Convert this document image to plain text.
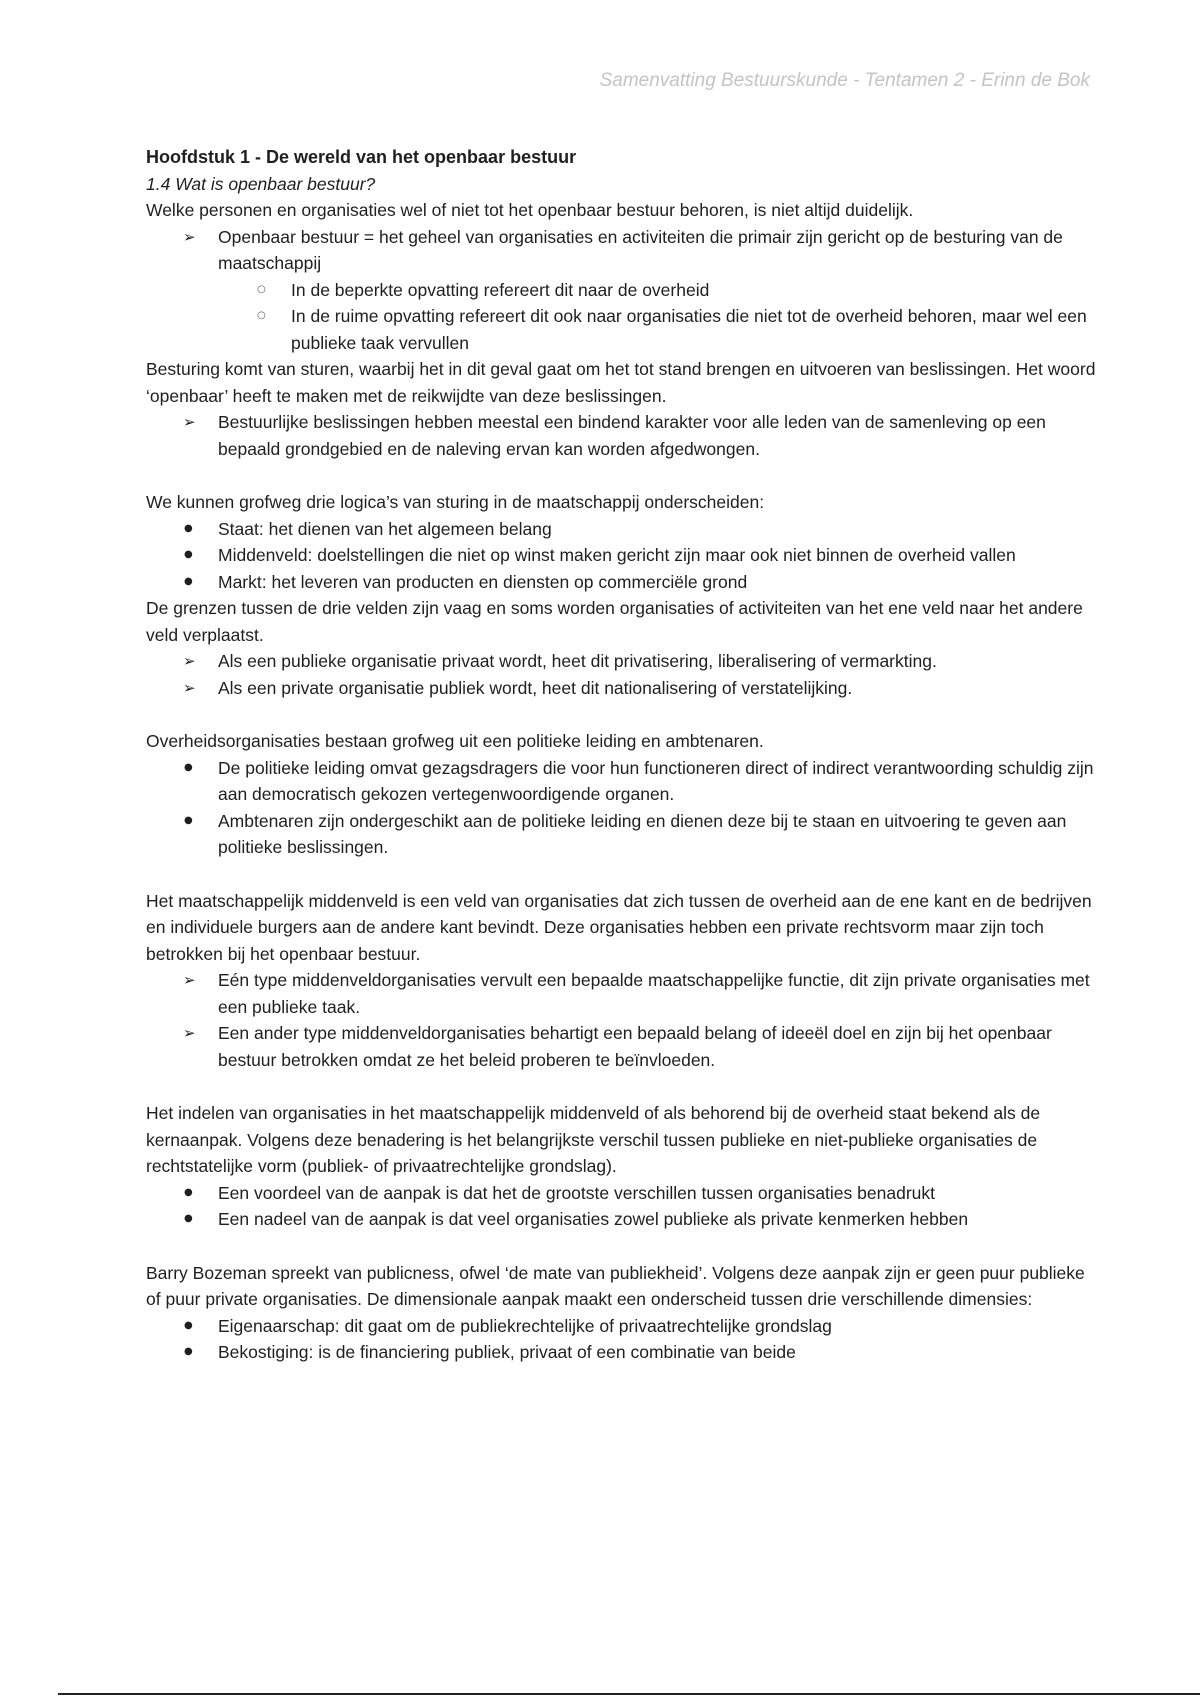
Samenvatting Bestuurskunde - Tentamen 2 - Erinn de Bok

Hoofdstuk 1 - De wereld van het openbaar bestuur

1.4 Wat is openbaar bestuur?

Welke personen en organisaties wel of niet tot het openbaar bestuur behoren, is niet altijd duidelijk.

➢ Openbaar bestuur = het geheel van organisaties en activiteiten die primair zijn gericht op de besturing van de maatschappij
○ In de beperkte opvatting refereert dit naar de overheid
○ In de ruime opvatting refereert dit ook naar organisaties die niet tot de overheid behoren, maar wel een publieke taak vervullen

Besturing komt van sturen, waarbij het in dit geval gaat om het tot stand brengen en uitvoeren van beslissingen. Het woord ‘openbaar’ heeft te maken met de reikwijdte van deze beslissingen.

➢ Bestuurlijke beslissingen hebben meestal een bindend karakter voor alle leden van de samenleving op een bepaald grondgebied en de naleving ervan kan worden afgedwongen.

We kunnen grofweg drie logica’s van sturing in de maatschappij onderscheiden:

● Staat: het dienen van het algemeen belang
● Middenveld: doelstellingen die niet op winst maken gericht zijn maar ook niet binnen de overheid vallen
● Markt: het leveren van producten en diensten op commerciële grond

De grenzen tussen de drie velden zijn vaag en soms worden organisaties of activiteiten van het ene veld naar het andere veld verplaatst.

➢ Als een publieke organisatie privaat wordt, heet dit privatisering, liberalisering of vermarkting.
➢ Als een private organisatie publiek wordt, heet dit nationalisering of verstatelijking.

Overheidsorganisaties bestaan grofweg uit een politieke leiding en ambtenaren.

● De politieke leiding omvat gezagsdragers die voor hun functioneren direct of indirect verantwoording schuldig zijn aan democratisch gekozen vertegenwoordigende organen.
● Ambtenaren zijn ondergeschikt aan de politieke leiding en dienen deze bij te staan en uitvoering te geven aan politieke beslissingen.

Het maatschappelijk middenveld is een veld van organisaties dat zich tussen de overheid aan de ene kant en de bedrijven en individuele burgers aan de andere kant bevindt. Deze organisaties hebben een private rechtsvorm maar zijn toch betrokken bij het openbaar bestuur.

➢ Eén type middenveldorganisaties vervult een bepaalde maatschappelijke functie, dit zijn private organisaties met een publieke taak.
➢ Een ander type middenveldorganisaties behartigt een bepaald belang of ideeël doel en zijn bij het openbaar bestuur betrokken omdat ze het beleid proberen te beïnvloeden.

Het indelen van organisaties in het maatschappelijk middenveld of als behorend bij de overheid staat bekend als de kernaanpak. Volgens deze benadering is het belangrijkste verschil tussen publieke en niet-publieke organisaties de rechtstatelijke vorm (publiek- of privaatrechtelijke grondslag).

● Een voordeel van de aanpak is dat het de grootste verschillen tussen organisaties benadrukt
● Een nadeel van de aanpak is dat veel organisaties zowel publieke als private kenmerken hebben

Barry Bozeman spreekt van publicness, ofwel ‘de mate van publiekheid’. Volgens deze aanpak zijn er geen puur publieke of puur private organisaties. De dimensionale aanpak maakt een onderscheid tussen drie verschillende dimensies:

● Eigenaarschap: dit gaat om de publiekrechtelijke of privaatrechtelijke grondslag
● Bekostiging: is de financiering publiek, privaat of een combinatie van beide
